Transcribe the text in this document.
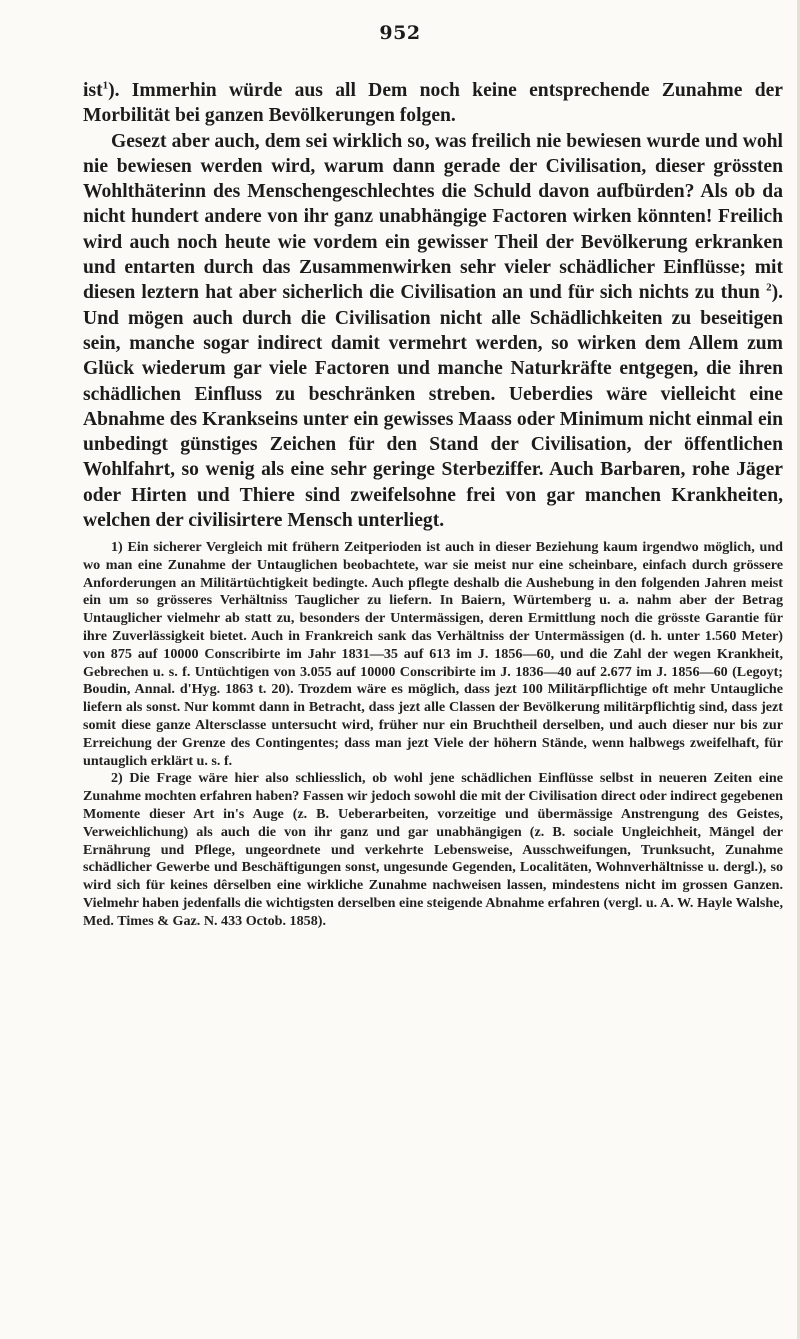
952

ist$^1$). Immerhin würde aus all Dem noch keine entsprechende Zunahme der Morbilität bei ganzen Bevölkerungen folgen.

Gesezt aber auch, dem sei wirklich so, was freilich nie bewiesen wurde und wohl nie bewiesen werden wird, warum dann gerade der Civilisation, dieser grössten Wohlthäterinn des Menschengeschlechtes die Schuld davon aufbürden? Als ob da nicht hundert andere von ihr ganz unabhängige Factoren wirken könnten! Freilich wird auch noch heute wie vordem ein gewisser Theil der Bevölkerung erkranken und entarten durch das Zusammenwirken sehr vieler schädlicher Einflüsse; mit diesen leztern hat aber sicherlich die Civilisation an und für sich nichts zu thun $^2$). Und mögen auch durch die Civilisation nicht alle Schädlichkeiten zu beseitigen sein, manche sogar indirect damit vermehrt werden, so wirken dem Allem zum Glück wiederum gar viele Factoren und manche Naturkräfte entgegen, die ihren schädlichen Einfluss zu beschränken streben. Ueberdies wäre vielleicht eine Abnahme des Krankseins unter ein gewisses Maass oder Minimum nicht einmal ein unbedingt günstiges Zeichen für den Stand der Civilisation, der öffentlichen Wohlfahrt, so wenig als eine sehr geringe Sterbeziffer. Auch Barbaren, rohe Jäger oder Hirten und Thiere sind zweifelsohne frei von gar manchen Krankheiten, welchen der civilisirtere Mensch unterliegt.

1) Ein sicherer Vergleich mit frühern Zeitperioden ist auch in dieser Beziehung kaum irgendwo möglich, und wo man eine Zunahme der Untauglichen beobachtete, war sie meist nur eine scheinbare, einfach durch grössere Anforderungen an Militärtüchtigkeit bedingte. Auch pflegte deshalb die Aushebung in den folgenden Jahren meist ein um so grösseres Verhältniss Tauglicher zu liefern. In Baiern, Würtemberg u. a. nahm aber der Betrag Untauglicher vielmehr ab statt zu, besonders der Untermässigen, deren Ermittlung noch die grösste Garantie für ihre Zuverlässigkeit bietet. Auch in Frankreich sank das Verhältniss der Untermässigen (d. h. unter 1.560 Meter) von 875 auf 10000 Conscribirte im Jahr 1831—35 auf 613 im J. 1856—60, und die Zahl der wegen Krankheit, Gebrechen u. s. f. Untüchtigen von 3.055 auf 10000 Conscribirte im J. 1836—40 auf 2.677 im J. 1856—60 (Legoyt; Boudin, Annal. d'Hyg. 1863 t. 20). Trozdem wäre es möglich, dass jezt 100 Militärpflichtige oft mehr Untaugliche liefern als sonst. Nur kommt dann in Betracht, dass jezt alle Classen der Bevölkerung militärpflichtig sind, dass jezt somit diese ganze Altersclasse untersucht wird, früher nur ein Bruchtheil derselben, und auch dieser nur bis zur Erreichung der Grenze des Contingentes; dass man jezt Viele der höhern Stände, wenn halbwegs zweifelhaft, für untauglich erklärt u. s. f.

2) Die Frage wäre hier also schliesslich, ob wohl jene schädlichen Einflüsse selbst in neueren Zeiten eine Zunahme mochten erfahren haben? Fassen wir jedoch sowohl die mit der Civilisation direct oder indirect gegebenen Momente dieser Art in's Auge (z. B. Ueberarbeiten, vorzeitige und übermässige Anstrengung des Geistes, Verweichlichung) als auch die von ihr ganz und gar unabhängigen (z. B. sociale Ungleichheit, Mängel der Ernährung und Pflege, ungeordnete und verkehrte Lebensweise, Ausschweifungen, Trunksucht, Zunahme schädlicher Gewerbe und Beschäftigungen sonst, ungesunde Gegenden, Localitäten, Wohnverhältnisse u. dergl.), so wird sich für keines dêrselben eine wirkliche Zunahme nachweisen lassen, mindestens nicht im grossen Ganzen. Vielmehr haben jedenfalls die wichtigsten derselben eine steigende Abnahme erfahren (vergl. u. A. W. Hayle Walshe, Med. Times & Gaz. N. 433 Octob. 1858).
